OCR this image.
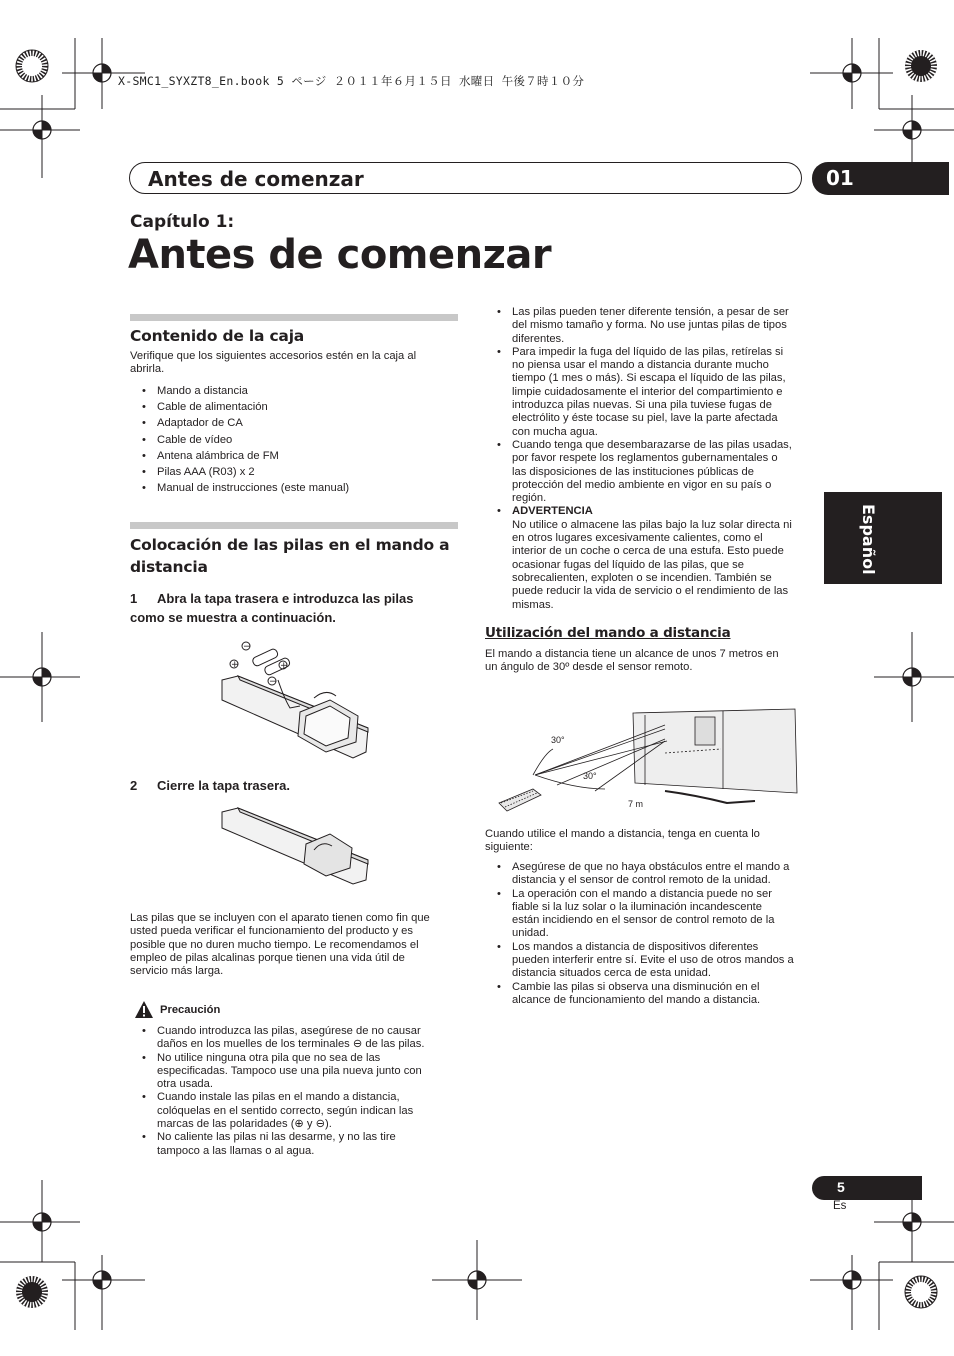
X-SMC1_SYXZT8_En.book 5 ページ ２０１１年６月１５日 水曜日 午後７時１０分
Antes de comenzar	01
Capítulo 1:
Antes de comenzar
Español
Contenido de la caja
Verifique que los siguientes accesorios estén en la caja al abrirla.
• Mando a distancia
• Cable de alimentación
• Adaptador de CA
• Cable de vídeo
• Antena alámbrica de FM
• Pilas AAA (R03) x 2
• Manual de instrucciones (este manual)
Colocación de las pilas en el mando a
distancia
1 Abra la tapa trasera e introduzca las pilas
como se muestra a continuación.
−
+	+
−
2 Cierre la tapa trasera.
Las pilas que se incluyen con el aparato tienen como fin que
usted pueda verificar el funcionamiento del producto y es
posible que no duren mucho tiempo. Le recomendamos el
empleo de pilas alcalinas porque tienen una vida útil de
servicio más larga.
Precaución
• Cuando introduzca las pilas, asegúrese de no causar
daños en los muelles de los terminales ⊖ de las pilas.
• No utilice ninguna otra pila que no sea de las
especificadas. Tampoco use una pila nueva junto con
otra usada.
• Cuando instale las pilas en el mando a distancia,
colóquelas en el sentido correcto, según indican las
marcas de las polaridades (⊕ y ⊖).
• No caliente las pilas ni las desarme, y no las tire
tampoco a las llamas o al agua.
• Las pilas pueden tener diferente tensión, a pesar de ser
del mismo tamaño y forma. No use juntas pilas de tipos
diferentes.
• Para impedir la fuga del líquido de las pilas, retírelas si
no piensa usar el mando a distancia durante mucho
tiempo (1 mes o más). Si escapa el líquido de las pilas,
limpie cuidadosamente el interior del compartimiento e
introduzca pilas nuevas. Si una pila tuviese fugas de
electrólito y éste tocase su piel, lave la parte afectada
con mucha agua.
• Cuando tenga que desembarazarse de las pilas usadas,
por favor respete los reglamentos gubernamentales o
las disposiciones de las instituciones públicas de
protección del medio ambiente en vigor en su país o
región.
• ADVERTENCIA
No utilice o almacene las pilas bajo la luz solar directa ni
en otros lugares excesivamente calientes, como el
interior de un coche o cerca de una estufa. Esto puede
ocasionar fugas del líquido de las pilas, que se
sobrecalienten, exploten o se incendien. También se
puede reducir la vida de servicio o el rendimiento de las
mismas.
Utilización del mando a distancia
El mando a distancia tiene un alcance de unos 7 metros en
un ángulo de 30º desde el sensor remoto.
30°
30°
7 m
Cuando utilice el mando a distancia, tenga en cuenta lo
siguiente:
• Asegúrese de que no haya obstáculos entre el mando a
distancia y el sensor de control remoto de la unidad.
• La operación con el mando a distancia puede no ser
fiable si la luz solar o la iluminación incandescente
están incidiendo en el sensor de control remoto de la
unidad.
• Los mandos a distancia de dispositivos diferentes
pueden interferir entre sí. Evite el uso de otros mandos a
distancia situados cerca de esta unidad.
• Cambie las pilas si observa una disminución en el
alcance de funcionamiento del mando a distancia.
5
Es
